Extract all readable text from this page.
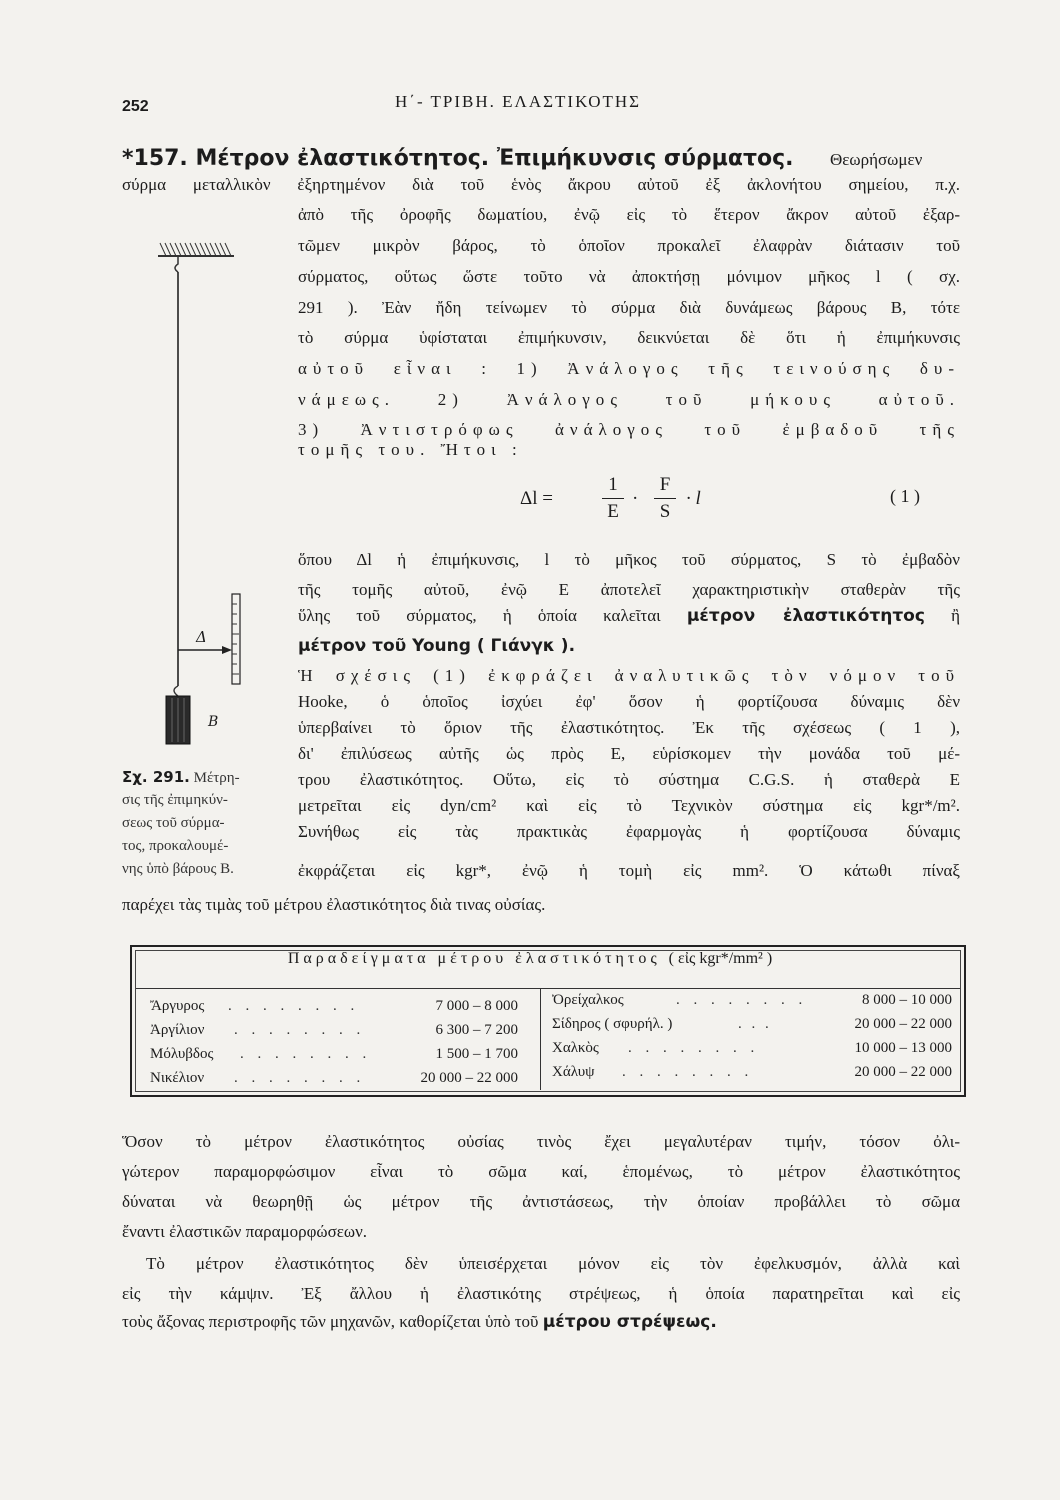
252	Η΄- ΤΡΙΒΗ. ΕΛΑΣΤΙΚΟΤΗΣ
*157. Μέτρον ἐλαστικότητος. Ἐπιμήκυνσις σύρματος. Θεωρήσωμεν
σύρμα μεταλλικὸν ἐξηρτημένον διὰ τοῦ ἑνὸς ἄκρου αὐτοῦ ἐξ ἀκλονήτου σημείου, π.χ.
ἀπὸ τῆς ὀροφῆς δωματίου, ἐνῷ εἰς τὸ ἕτερον ἄκρον αὐτοῦ ἐξαρ-
τῶμεν μικρὸν βάρος, τὸ ὁποῖον προκαλεῖ ἐλαφρὰν διάτασιν τοῦ
σύρματος, οὕτως ὥστε τοῦτο νὰ ἀποκτήσῃ μόνιμον μῆκος l ( σχ.
291 ). Ἐὰν ἤδη τείνωμεν τὸ σύρμα διὰ δυνάμεως βάρους B, τότε
τὸ σύρμα ὑφίσταται ἐπιμήκυνσιν, δεικνύεται δὲ ὅτι ἡ ἐπιμήκυνσις
αὐτοῦ εἶναι : 1) Ἀνάλογος τῆς τεινούσης δυ-
νάμεως. 2) Ἀνάλογος τοῦ μήκους αὐτοῦ.
3) Ἀντιστρόφως ἀνάλογος τοῦ ἐμβαδοῦ τῆς
τομῆς του. Ἤτοι :
Δl =
1
E
·
F
S
· l	( 1 )
ὅπου Δl ἡ ἐπιμήκυνσις, l τὸ μῆκος τοῦ σύρματος, S τὸ ἐμβαδὸν
τῆς τομῆς αὐτοῦ, ἐνῷ E ἀποτελεῖ χαρακτηριστικὴν σταθερὰν τῆς
ὕλης τοῦ σύρματος, ἡ ὁποία καλεῖται μέτρον ἐλαστικότητος ἢ
μέτρον τοῦ Young ( Γιάνγκ ).
Ἡ σχέσις (1) ἐκφράζει ἀναλυτικῶς τὸν νόμον τοῦ
Hooke, ὁ ὁποῖος ἰσχύει ἐφ' ὅσον ἡ φορτίζουσα δύναμις δὲν
ὑπερβαίνει τὸ ὅριον τῆς ἐλαστικότητος. Ἐκ τῆς σχέσεως ( 1 ),
δι' ἐπιλύσεως αὐτῆς ὡς πρὸς E, εὑρίσκομεν τὴν μονάδα τοῦ μέ-
τρου ἐλαστικότητος. Οὕτω, εἰς τὸ σύστημα C.G.S. ἡ σταθερὰ E
μετρεῖται εἰς dyn/cm² καὶ εἰς τὸ Τεχνικὸν σύστημα εἰς kgr*/m².
Συνήθως εἰς τὰς πρακτικὰς ἐφαρμογὰς ἡ φορτίζουσα δύναμις
ἐκφράζεται εἰς kgr*, ἐνῷ ἡ τομὴ εἰς mm². Ὁ κάτωθι πίναξ
παρέχει τὰς τιμὰς τοῦ μέτρου ἐλαστικότητος διὰ τινας οὐσίας.
Δ
B
Σχ. 291. Μέτρη-
σις τῆς ἐπιμηκύν-
σεως τοῦ σύρμα-
τος, προκαλουμέ-
νης ὑπὸ βάρους B.
Παραδείγματα μέτρου ἐλαστικότητος ( εἰς kgr*/mm² )
Ἄργυρος . . . . . . . .	7 000 – 8 000
Ἀργίλιον . . . . . . . .	6 300 – 7 200
Μόλυβδος . . . . . . . .	1 500 – 1 700
Νικέλιον . . . . . . . .	20 000 – 22 000
Ὀρείχαλκος	. . . . . . . .	8 000 – 10 000
Σίδηρος ( σφυρήλ. )	. . .	20 000 – 22 000
Χαλκὸς . . . . . . . .	10 000 – 13 000
Χάλυψ . . . . . . . .	20 000 – 22 000
Ὅσον τὸ μέτρον ἐλαστικότητος οὐσίας τινὸς ἔχει μεγαλυτέραν τιμήν, τόσον ὀλι-
γώτερον παραμορφώσιμον εἶναι τὸ σῶμα καί, ἑπομένως, τὸ μέτρον ἐλαστικότητος
δύναται νὰ θεωρηθῇ ὡς μέτρον τῆς ἀντιστάσεως, τὴν ὁποίαν προβάλλει τὸ σῶμα
ἔναντι ἐλαστικῶν παραμορφώσεων.
Τὸ μέτρον ἐλαστικότητος δὲν ὑπεισέρχεται μόνον εἰς τὸν ἐφελκυσμόν, ἀλλὰ καὶ
εἰς τὴν κάμψιν. Ἐξ ἄλλου ἡ ἐλαστικότης στρέψεως, ἡ ὁποία παρατηρεῖται καὶ εἰς
τοὺς ἄξονας περιστροφῆς τῶν μηχανῶν, καθορίζεται ὑπὸ τοῦ μέτρου στρέψεως.
